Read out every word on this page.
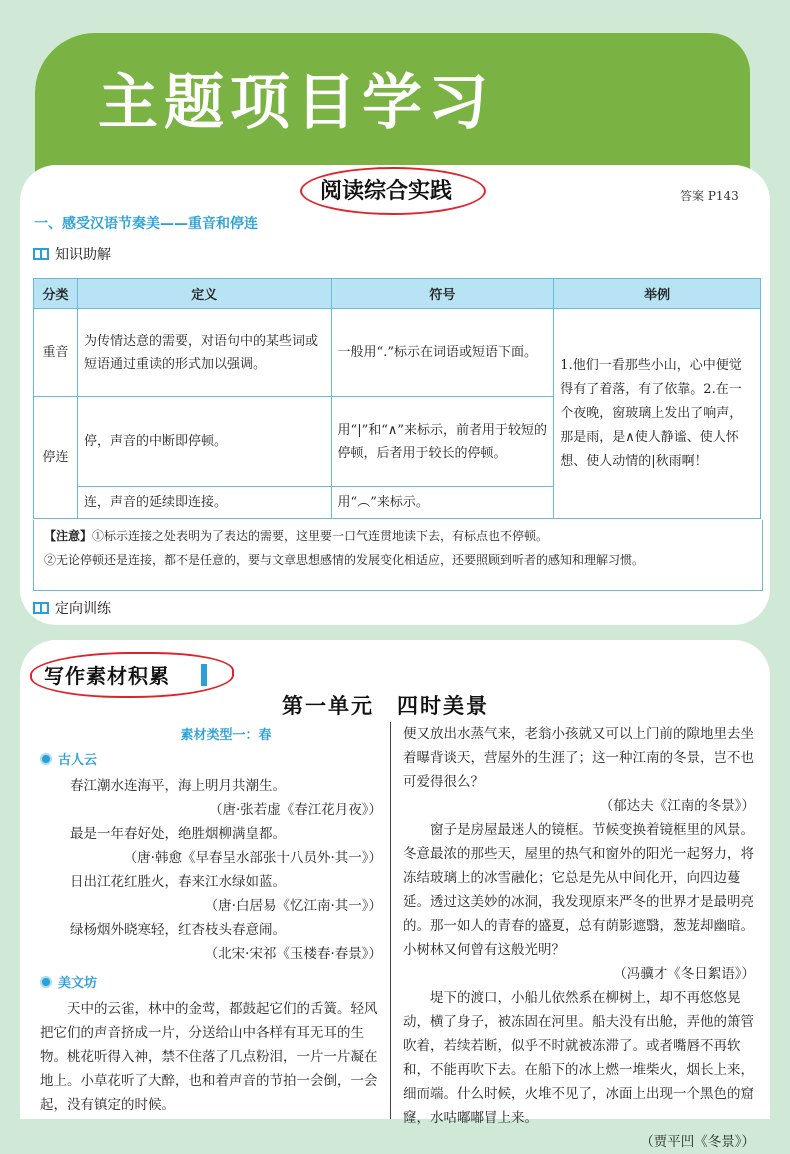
主题项目学习
阅读综合实践	答案 P143
一、感受汉语节奏美——重音和停连
知识助解
分类	定义	符号	举例
重音	为传情达意的需要，对语句中的某些词或短语通过重读的形式加以强调。	一般用“.”标示在词语或短语下面。	1.他们一看那些小山，心中便觉得有了着落，有了依靠。2.在一个夜晚，窗玻璃上发出了响声，那是雨，是∧使人静谧、使人怀想、使人动情的|秋雨啊！
停连	停，声音的中断即停顿。	用“|”和“∧”来标示，前者用于较短的停顿，后者用于较长的停顿。	
	连，声音的延续即连接。	用“︵”来标示。	
【注意】①标示连接之处表明为了表达的需要，这里要一口气连贯地读下去，有标点也不停顿。
②无论停顿还是连接，都不是任意的，要与文章思想感情的发展变化相适应，还要照顾到听者的感知和理解习惯。
定向训练
写作素材积累
第一单元　四时美景
素材类型一：春
古人云
春江潮水连海平，海上明月共潮生。
（唐·张若虚《春江花月夜》）
最是一年春好处，绝胜烟柳满皇都。
（唐·韩愈《早春呈水部张十八员外·其一》）
日出江花红胜火，春来江水绿如蓝。
（唐·白居易《忆江南·其一》）
绿杨烟外晓寒轻，红杏枝头春意闹。
（北宋·宋祁《玉楼春·春景》）
美文坊

天中的云雀，林中的金莺，都鼓起它们的舌簧。轻风把它们的声音挤成一片，分送给山中各样有耳无耳的生物。桃花听得入神，禁不住落了几点粉泪，一片一片凝在地上。小草花听了大醉，也和着声音的节拍一会倒，一会起，没有镇定的时候。

便又放出水蒸气来，老翁小孩就又可以上门前的隙地里去坐着曝背谈天，营屋外的生涯了；这一种江南的冬景，岂不也可爱得很么？

（郁达夫《江南的冬景》）

窗子是房屋最迷人的镜框。节候变换着镜框里的风景。冬意最浓的那些天，屋里的热气和窗外的阳光一起努力，将冻结玻璃上的冰雪融化；它总是先从中间化开，向四边蔓延。透过这美妙的冰洞，我发现原来严冬的世界才是最明亮的。那一如人的青春的盛夏，总有荫影遮翳，葱茏却幽暗。小树林又何曾有这般光明？

（冯骥才《冬日絮语》）

堤下的渡口，小船儿依然系在柳树上，却不再悠悠晃动，横了身子，被冻固在河里。船夫没有出舱，弄他的箫管吹着，若续若断，似乎不时就被冻滞了。或者嘴唇不再软和，不能再吹下去。在船下的冰上燃一堆柴火，烟长上来，细而端。什么时候，火堆不见了，冰面上出现一个黑色的窟窿，水咕嘟嘟冒上来。

（贾平凹《冬景》）
